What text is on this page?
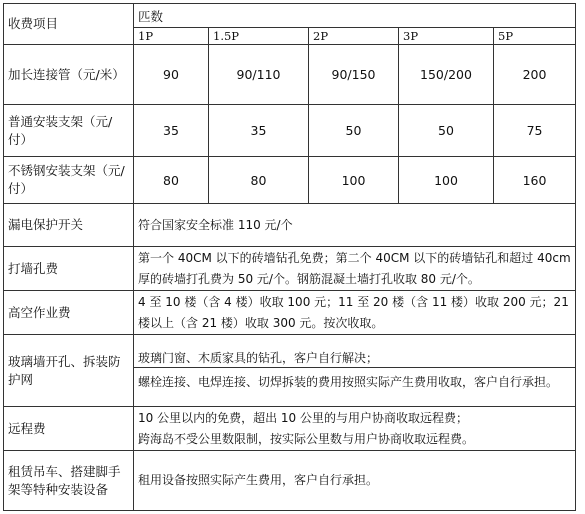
收费项目	匹数				
	1P	1.5P	2P	3P	5P
加长连接管（元/米）	90	90/110	90/150	150/200	200
普通安装支架（元/付）	35	35	50	50	75
不锈钢安装支架（元/付）	80	80	100	100	160
漏电保护开关	符合国家安全标准 110 元/个				

打墙孔费	第一个 40CM 以下的砖墙钻孔免费；第二个 40CM 以下的砖墙钻孔和超过 40cm 厚的砖墙打孔费为 50 元/个。钢筋混凝土墙打孔收取 80 元/个。				

高空作业费	4 至 10 楼（含 4 楼）收取 100 元；11 至 20 楼（含 11 楼）收取 200 元；21 楼以上（含 21 楼）收取 300 元。按次收取。				

玻璃墙开孔、拆装防护网	玻璃门窗、木质家具的钻孔，客户自行解决；
螺栓连接、电焊连接、切焊拆装的费用按照实际产生费用收取，客户自行承担。				

远程费	10 公里以内的免费，超出 10 公里的与用户协商收取远程费；
跨海岛不受公里数限制，按实际公里数与用户协商收取远程费。				

租赁吊车、搭建脚手架等特种安装设备	租用设备按照实际产生费用，客户自行承担。				
